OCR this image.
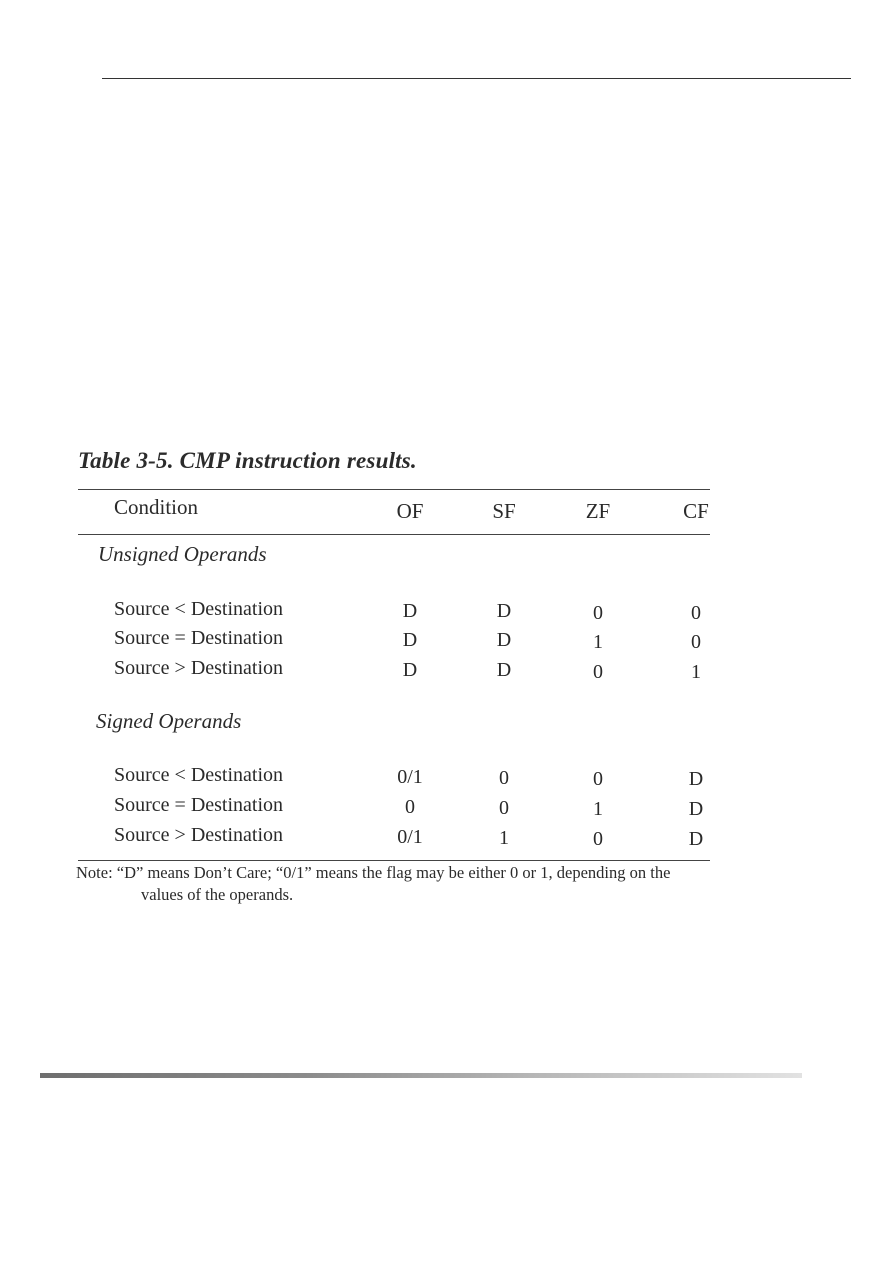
Table 3-5. CMP instruction results.
Condition	OF	SF	ZF	CF
Unsigned Operands
Source < Destination	D	D	0	0
Source = Destination	D	D	1	0
Source > Destination	D	D	0	1
Signed Operands
Source < Destination	0/1	0	0	D
Source = Destination	0	0	1	D
Source > Destination	0/1	1	0	D
Note: “D” means Don’t Care; “0/1” means the flag may be either 0 or 1, depending on the
values of the operands.
